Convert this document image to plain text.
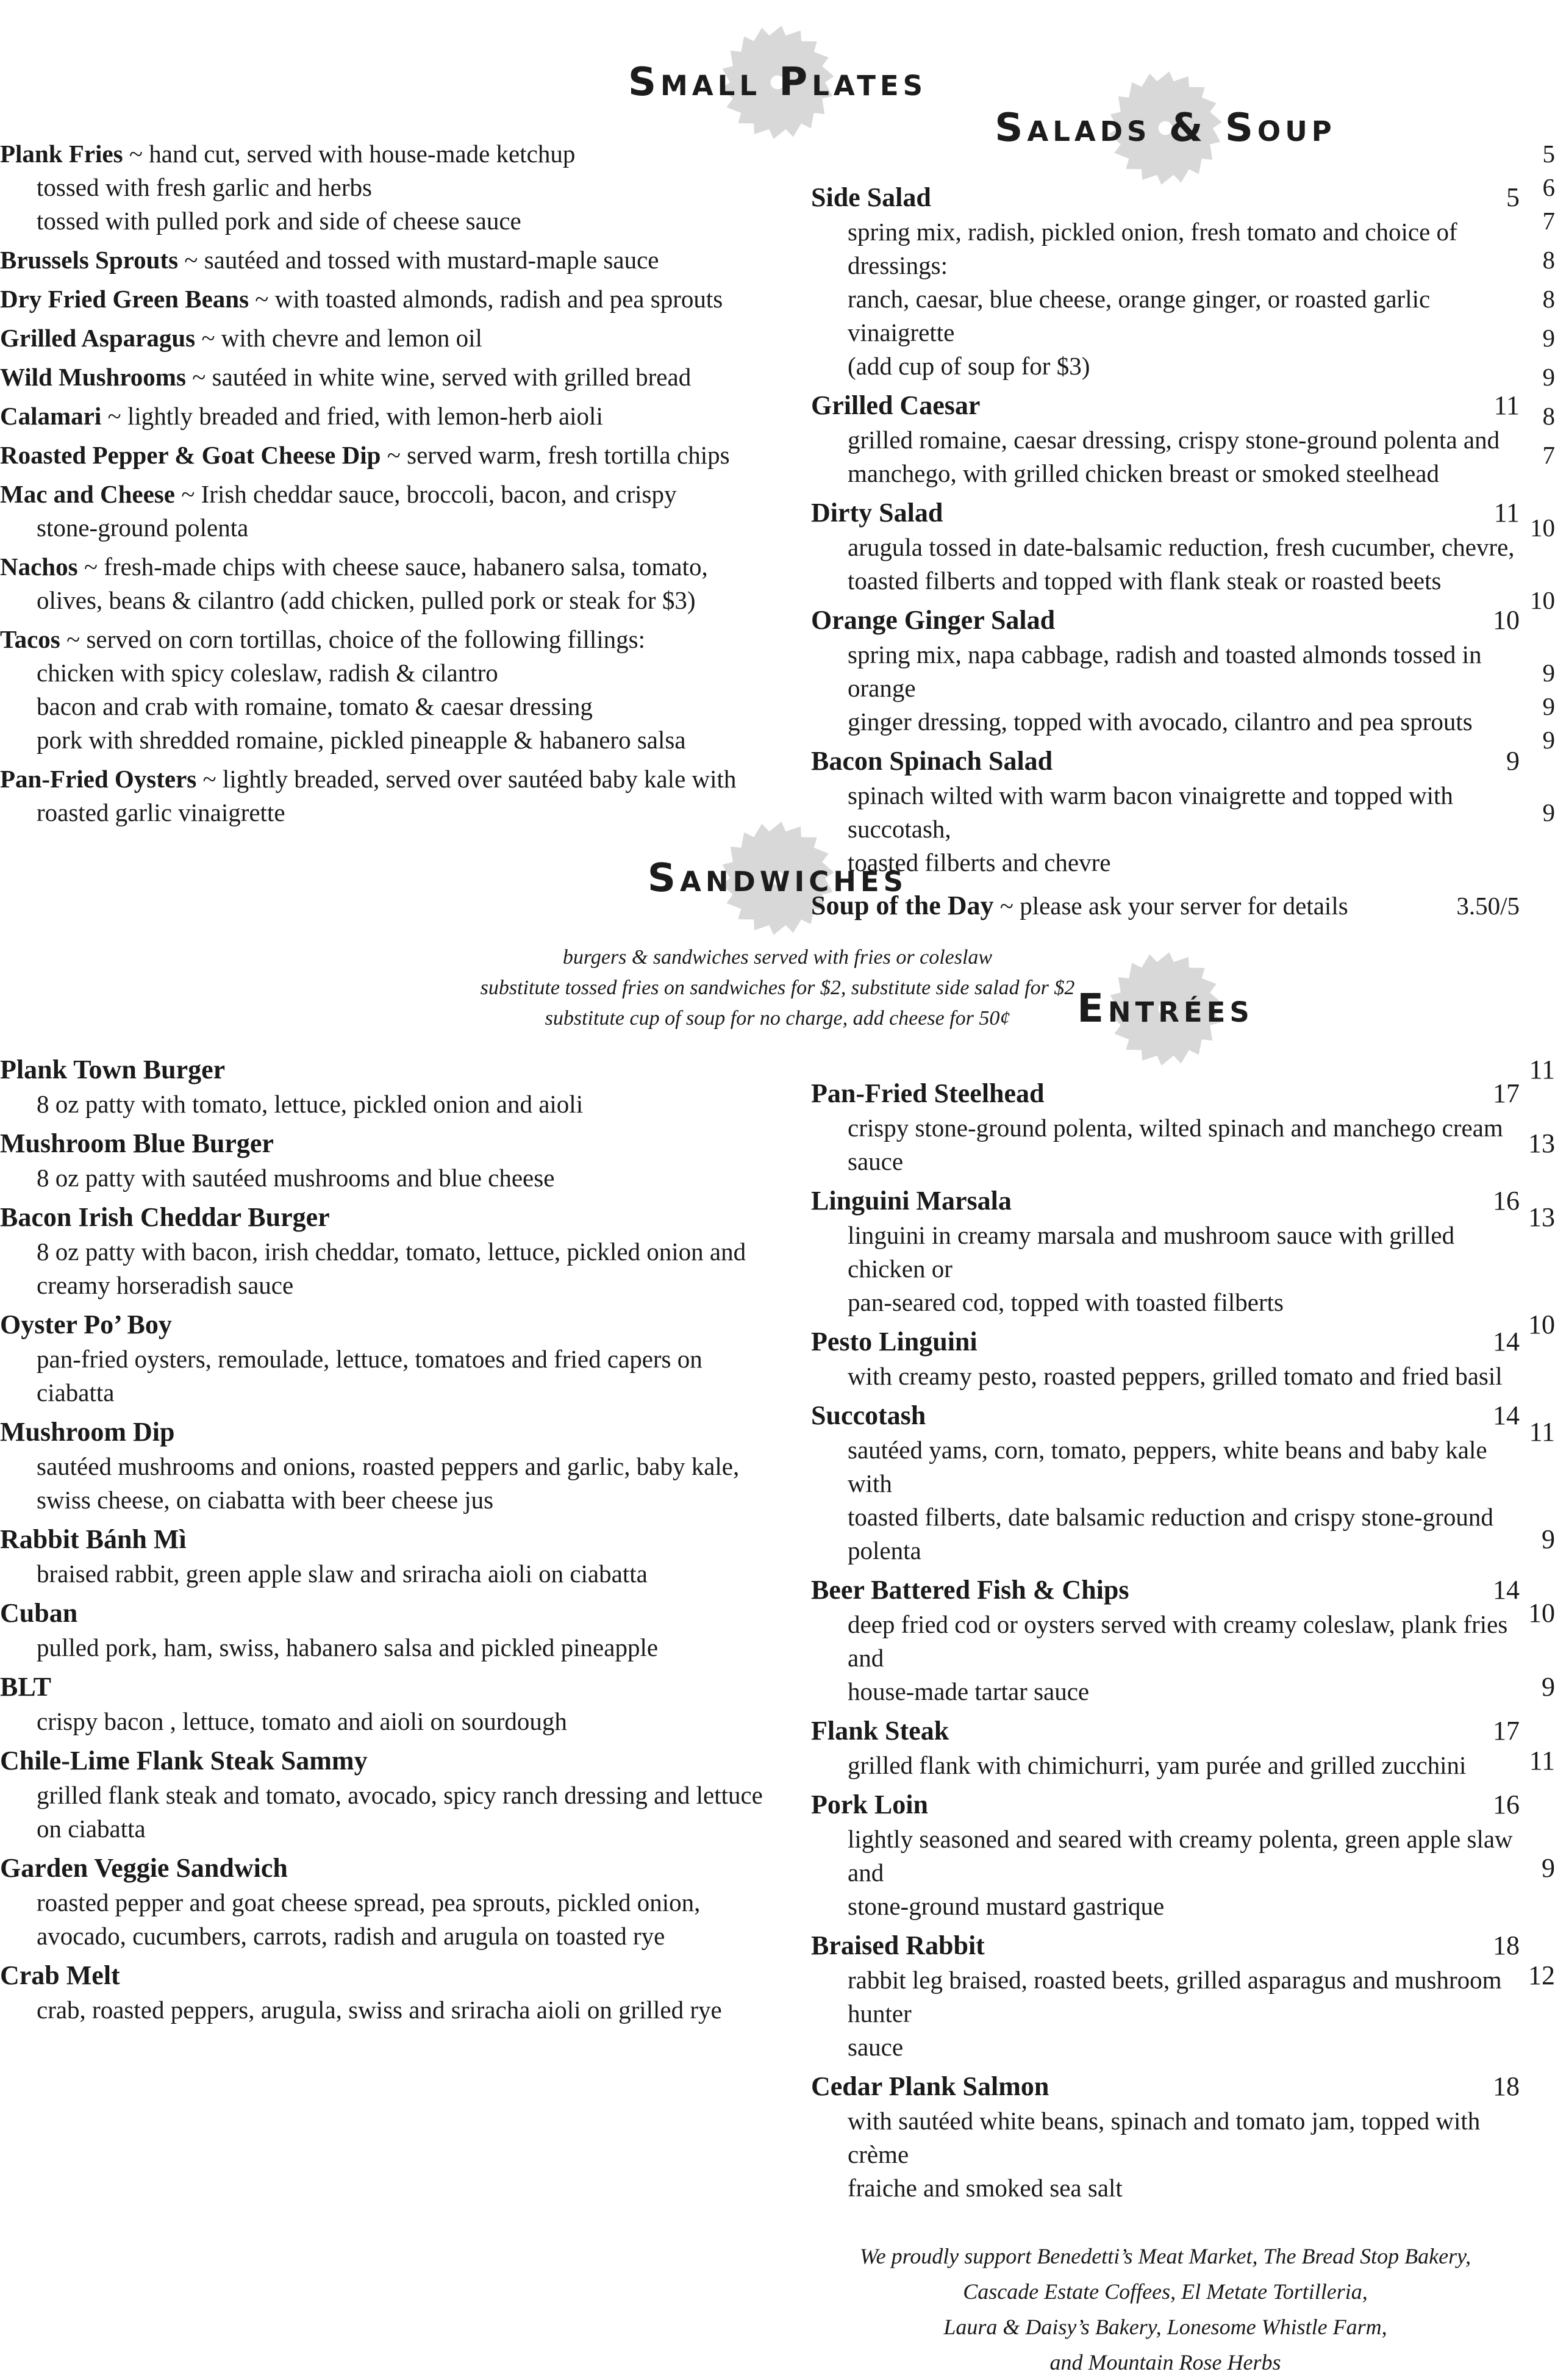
Small Plates
Plank Fries ~ hand cut, served with house-made ketchup	5
tossed with fresh garlic and herbs	6
tossed with pulled pork and side of cheese sauce	7
Brussels Sprouts ~ sautéed and tossed with mustard-maple sauce	8
Dry Fried Green Beans ~ with toasted almonds, radish and pea sprouts	8
Grilled Asparagus ~ with chevre and lemon oil	9
Wild Mushrooms ~ sautéed in white wine, served with grilled bread	9
Calamari ~ lightly breaded and fried, with lemon-herb aioli	8
Roasted Pepper & Goat Cheese Dip ~ served warm, fresh tortilla chips	7
Mac and Cheese ~ Irish cheddar sauce, broccoli, bacon, and crispy
stone-ground polenta	10
Nachos ~ fresh-made chips with cheese sauce, habanero salsa, tomato,
olives, beans & cilantro (add chicken, pulled pork or steak for $3)	10
Tacos ~ served on corn tortillas, choice of the following fillings:
chicken with spicy coleslaw, radish & cilantro	9
bacon and crab with romaine, tomato & caesar dressing	9
pork with shredded romaine, pickled pineapple & habanero salsa	9
Pan-Fried Oysters ~ lightly breaded, served over sautéed baby kale with
roasted garlic vinaigrette	9
Sandwiches
burgers & sandwiches served with fries or coleslaw
substitute tossed fries on sandwiches for $2, substitute side salad for $2
substitute cup of soup for no charge, add cheese for 50¢
Plank Town Burger	11
8 oz patty with tomato, lettuce, pickled onion and aioli
Mushroom Blue Burger	13
8 oz patty with sautéed mushrooms and blue cheese
Bacon Irish Cheddar Burger	13
8 oz patty with bacon, irish cheddar, tomato, lettuce, pickled onion and
creamy horseradish sauce
Oyster Po’ Boy	10
pan-fried oysters, remoulade, lettuce, tomatoes and fried capers on
ciabatta
Mushroom Dip	11
sautéed mushrooms and onions, roasted peppers and garlic, baby kale,
swiss cheese, on ciabatta with beer cheese jus
Rabbit Bánh Mì	9
braised rabbit, green apple slaw and sriracha aioli on ciabatta
Cuban	10
pulled pork, ham, swiss, habanero salsa and pickled pineapple
BLT	9
crispy bacon , lettuce, tomato and aioli on sourdough
Chile-Lime Flank Steak Sammy	11
grilled flank steak and tomato, avocado, spicy ranch dressing and lettuce
on ciabatta
Garden Veggie Sandwich	9
roasted pepper and goat cheese spread, pea sprouts, pickled onion,
avocado, cucumbers, carrots, radish and arugula on toasted rye
Crab Melt	12
crab, roasted peppers, arugula, swiss and sriracha aioli on grilled rye
Salads & Soup
Side Salad	5
spring mix, radish, pickled onion, fresh tomato and choice of dressings:
ranch, caesar, blue cheese, orange ginger, or roasted garlic vinaigrette
(add cup of soup for $3)
Grilled Caesar	11
grilled romaine, caesar dressing, crispy stone-ground polenta and
manchego, with grilled chicken breast or smoked steelhead
Dirty Salad	11
arugula tossed in date-balsamic reduction, fresh cucumber, chevre,
toasted filberts and topped with flank steak or roasted beets
Orange Ginger Salad	10
spring mix, napa cabbage, radish and toasted almonds tossed in orange
ginger dressing, topped with avocado, cilantro and pea sprouts
Bacon Spinach Salad	9
spinach wilted with warm bacon vinaigrette and topped with succotash,
toasted filberts and chevre
Soup of the Day ~ please ask your server for details	3.50/5
Entrées
Pan-Fried Steelhead	17
crispy stone-ground polenta, wilted spinach and manchego cream sauce
Linguini Marsala	16
linguini in creamy marsala and mushroom sauce with grilled chicken or
pan-seared cod, topped with toasted filberts
Pesto Linguini	14
with creamy pesto, roasted peppers, grilled tomato and fried basil
Succotash	14
sautéed yams, corn, tomato, peppers, white beans and baby kale with
toasted filberts, date balsamic reduction and crispy stone-ground polenta
Beer Battered Fish & Chips	14
deep fried cod or oysters served with creamy coleslaw, plank fries and
house-made tartar sauce
Flank Steak	17
grilled flank with chimichurri, yam purée and grilled zucchini
Pork Loin	16
lightly seasoned and seared with creamy polenta, green apple slaw and
stone-ground mustard gastrique
Braised Rabbit	18
rabbit leg braised, roasted beets, grilled asparagus and mushroom hunter
sauce
Cedar Plank Salmon	18
with sautéed white beans, spinach and tomato jam, topped with crème
fraiche and smoked sea salt
We proudly support Benedetti’s Meat Market, The Bread Stop Bakery,
Cascade Estate Coffees, El Metate Tortilleria,
Laura & Daisy’s Bakery, Lonesome Whistle Farm,
and Mountain Rose Herbs
